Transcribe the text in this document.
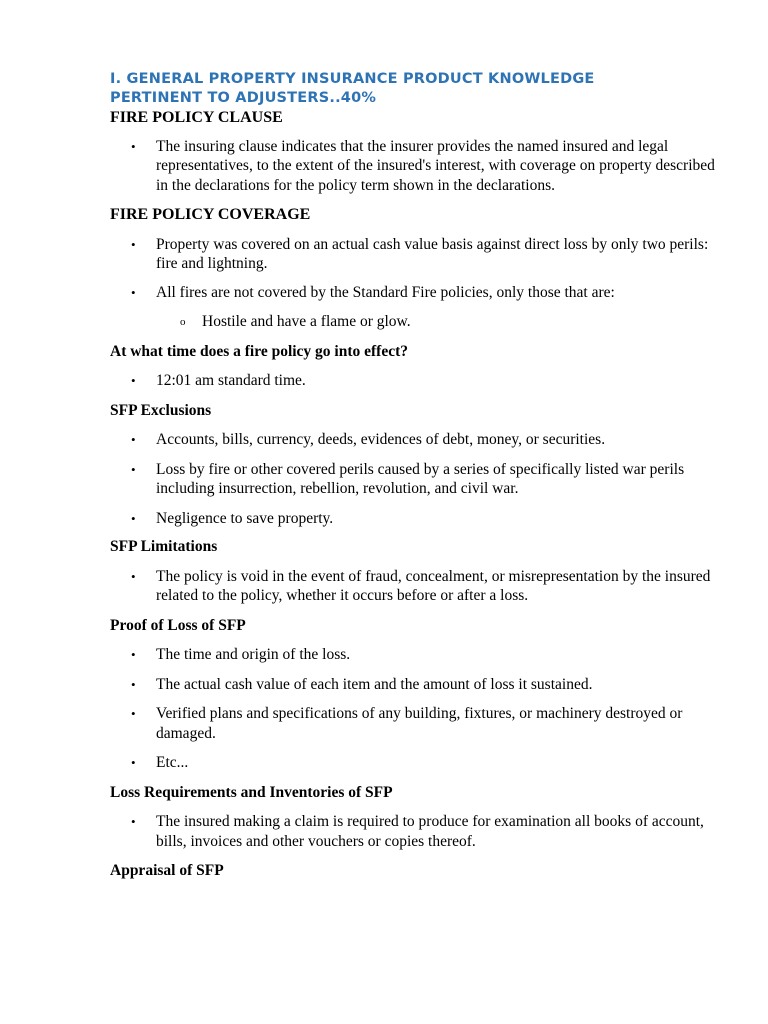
I. GENERAL PROPERTY INSURANCE PRODUCT KNOWLEDGE
PERTINENT TO ADJUSTERS..40%
FIRE POLICY CLAUSE
• The insuring clause indicates that the insurer provides the named insured and legal representatives, to the extent of the insured's interest, with coverage on property described in the declarations for the policy term shown in the declarations.
FIRE POLICY COVERAGE
• Property was covered on an actual cash value basis against direct loss by only two perils: fire and lightning.
• All fires are not covered by the Standard Fire policies, only those that are:
o Hostile and have a flame or glow.
At what time does a fire policy go into effect?
• 12:01 am standard time.
SFP Exclusions
• Accounts, bills, currency, deeds, evidences of debt, money, or securities.
• Loss by fire or other covered perils caused by a series of specifically listed war perils including insurrection, rebellion, revolution, and civil war.
• Negligence to save property.
SFP Limitations
• The policy is void in the event of fraud, concealment, or misrepresentation by the insured related to the policy, whether it occurs before or after a loss.
Proof of Loss of SFP
• The time and origin of the loss.
• The actual cash value of each item and the amount of loss it sustained.
• Verified plans and specifications of any building, fixtures, or machinery destroyed or damaged.
• Etc...
Loss Requirements and Inventories of SFP
• The insured making a claim is required to produce for examination all books of account, bills, invoices and other vouchers or copies thereof.
Appraisal of SFP
